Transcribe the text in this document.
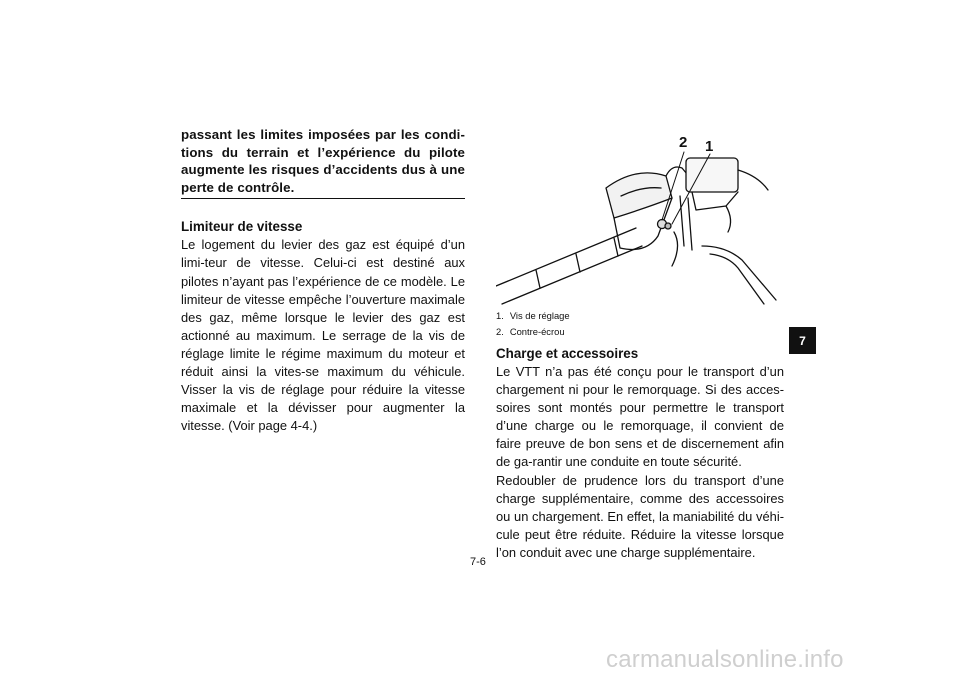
passant les limites imposées par les condi-tions du terrain et l’expérience du pilote augmente les risques d’accidents dus à une perte de contrôle.
Limiteur de vitesse

Le logement du levier des gaz est équipé d’un limi-teur de vitesse. Celui-ci est destiné aux pilotes n’ayant pas l’expérience de ce modèle. Le limiteur de vitesse empêche l’ouverture maximale des gaz, même lorsque le levier des gaz est actionné au maximum. Le serrage de la vis de réglage limite le régime maximum du moteur et réduit ainsi la vites-se maximum du véhicule. Visser la vis de réglage pour réduire la vitesse maximale et la dévisser pour augmenter la vitesse. (Voir page 4-4.)

2 1
1. Vis de réglage
2. Contre-écrou
Charge et accessoires

Le VTT n’a pas été conçu pour le transport d’un chargement ni pour le remorquage. Si des acces-soires sont montés pour permettre le transport d’une charge ou le remorquage, il convient de faire preuve de bon sens et de discernement afin de ga-rantir une conduite en toute sécurité.

Redoubler de prudence lors du transport d’une charge supplémentaire, comme des accessoires ou un chargement. En effet, la maniabilité du véhi-cule peut être réduite. Réduire la vitesse lorsque l’on conduit avec une charge supplémentaire.

7
7-6
carmanualsonline.info
